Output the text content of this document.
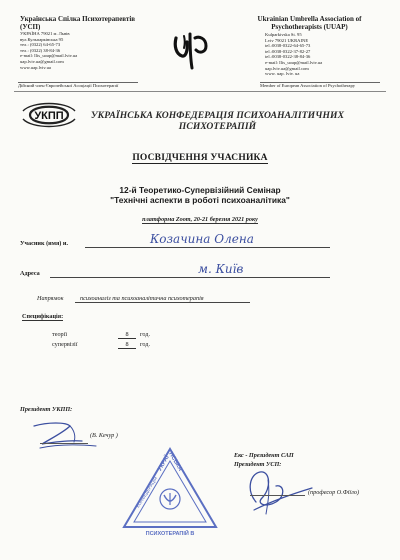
Українська Спілка Психотерапевтів
(УСП)
УКРАЇНА 79021 м. Львів
вул.Кульпарківська 95
тел.: (0322) 64-65-73
тел.: (0322) 38-84-36
e-mail: Ilis_uoap@mail.lviv.ua
uap.lviv.ua@gmail.com
www.uap.lviv.ua
Дійсний член Європейської Асоціації Психотерапії
Ukrainian Umbrella Association of
Psychotherapists (UUAP)
Kulparkivska St. 95
Lviv 79021 UKRAINE
tel.:0038-0322-64-65-73
tel.:0038-0322-37-82-27
tel.:0038-0322-38-84-36
e-mail: Ilis_uoap@mail.lviv.ua
uap.lviv.ua@gmail.com
www. uap. lviv. ua
Member of European Association of Psychotherapy
УКПП	УКРАЇНСЬКА КОНФЕДЕРАЦІЯ ПСИХОАНАЛІТИЧНИХ
ПСИХОТЕРАПІЙ
ПОСВІДЧЕННЯ УЧАСНИКА
12-й Теоретико-Супервізійний Семінар
"Технічні аспекти в роботі психоаналітика"
платформа Zoom, 20-21 березня 2021 року
Учасник (имя) и.	Козачина Олена
Адреса	м. Київ
Напрямок	психоаналіз та психоаналітична психотерапія
Специфікація:
теорії	8	год.
супервізії	8	год.
Президент УКПП:
(В. Кечур )
УКРАЇНСЬКА
КОНФЕДЕРАЦІЯ
ПСИХОТЕРАПІЙ В
Екс - Президент САП
Президент УСП:
(професор О.Фіїло)
